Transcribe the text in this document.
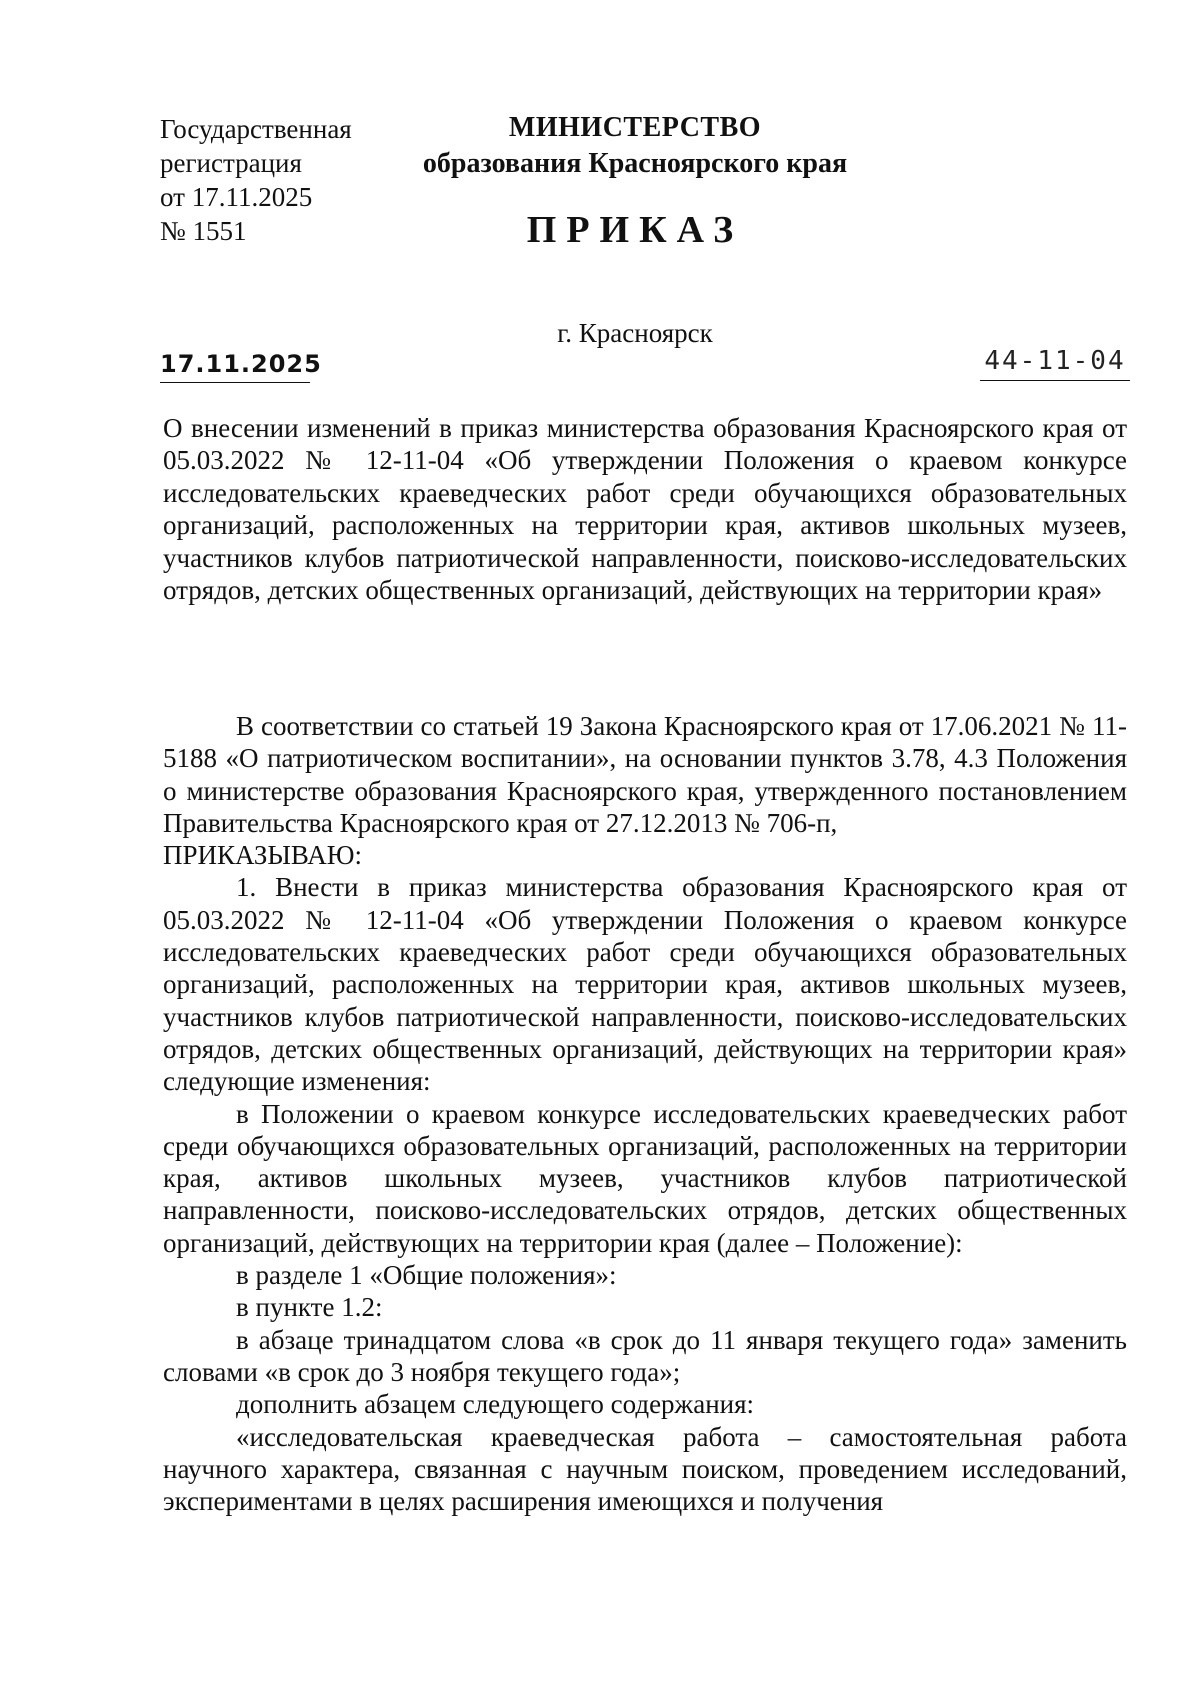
Государственная
регистрация
от 17.11.2025
№ 1551
МИНИСТЕРСТВО
образования Красноярского края
ПРИКАЗ
г. Красноярск
17.11.2025	44-11-04
О внесении изменений в приказ министерства образования Красноярского края от 05.03.2022 № 12-11-04 «Об утверждении Положения о краевом конкурсе исследовательских краеведческих работ среди обучающихся образовательных организаций, расположенных на территории края, активов школьных музеев, участников клубов патриотической направленности, поисково-исследовательских отрядов, детских общественных организаций, действующих на территории края»

В соответствии со статьей 19 Закона Красноярского края от 17.06.2021 № 11-5188 «О патриотическом воспитании», на основании пунктов 3.78, 4.3 Положения о министерстве образования Красноярского края, утвержденного постановлением Правительства Красноярского края от 27.12.2013 № 706-п,

ПРИКАЗЫВАЮ:

1. Внести в приказ министерства образования Красноярского края от 05.03.2022 № 12-11-04 «Об утверждении Положения о краевом конкурсе исследовательских краеведческих работ среди обучающихся образовательных организаций, расположенных на территории края, активов школьных музеев, участников клубов патриотической направленности, поисково-исследовательских отрядов, детских общественных организаций, действующих на территории края» следующие изменения:

в Положении о краевом конкурсе исследовательских краеведческих работ среди обучающихся образовательных организаций, расположенных на территории края, активов школьных музеев, участников клубов патриотической направленности, поисково-исследовательских отрядов, детских общественных организаций, действующих на территории края (далее – Положение):

в разделе 1 «Общие положения»:

в пункте 1.2:

в абзаце тринадцатом слова «в срок до 11 января текущего года» заменить словами «в срок до 3 ноября текущего года»;

дополнить абзацем следующего содержания:

«исследовательская краеведческая работа – самостоятельная работа научного характера, связанная с научным поиском, проведением исследований, экспериментами в целях расширения имеющихся и получения
